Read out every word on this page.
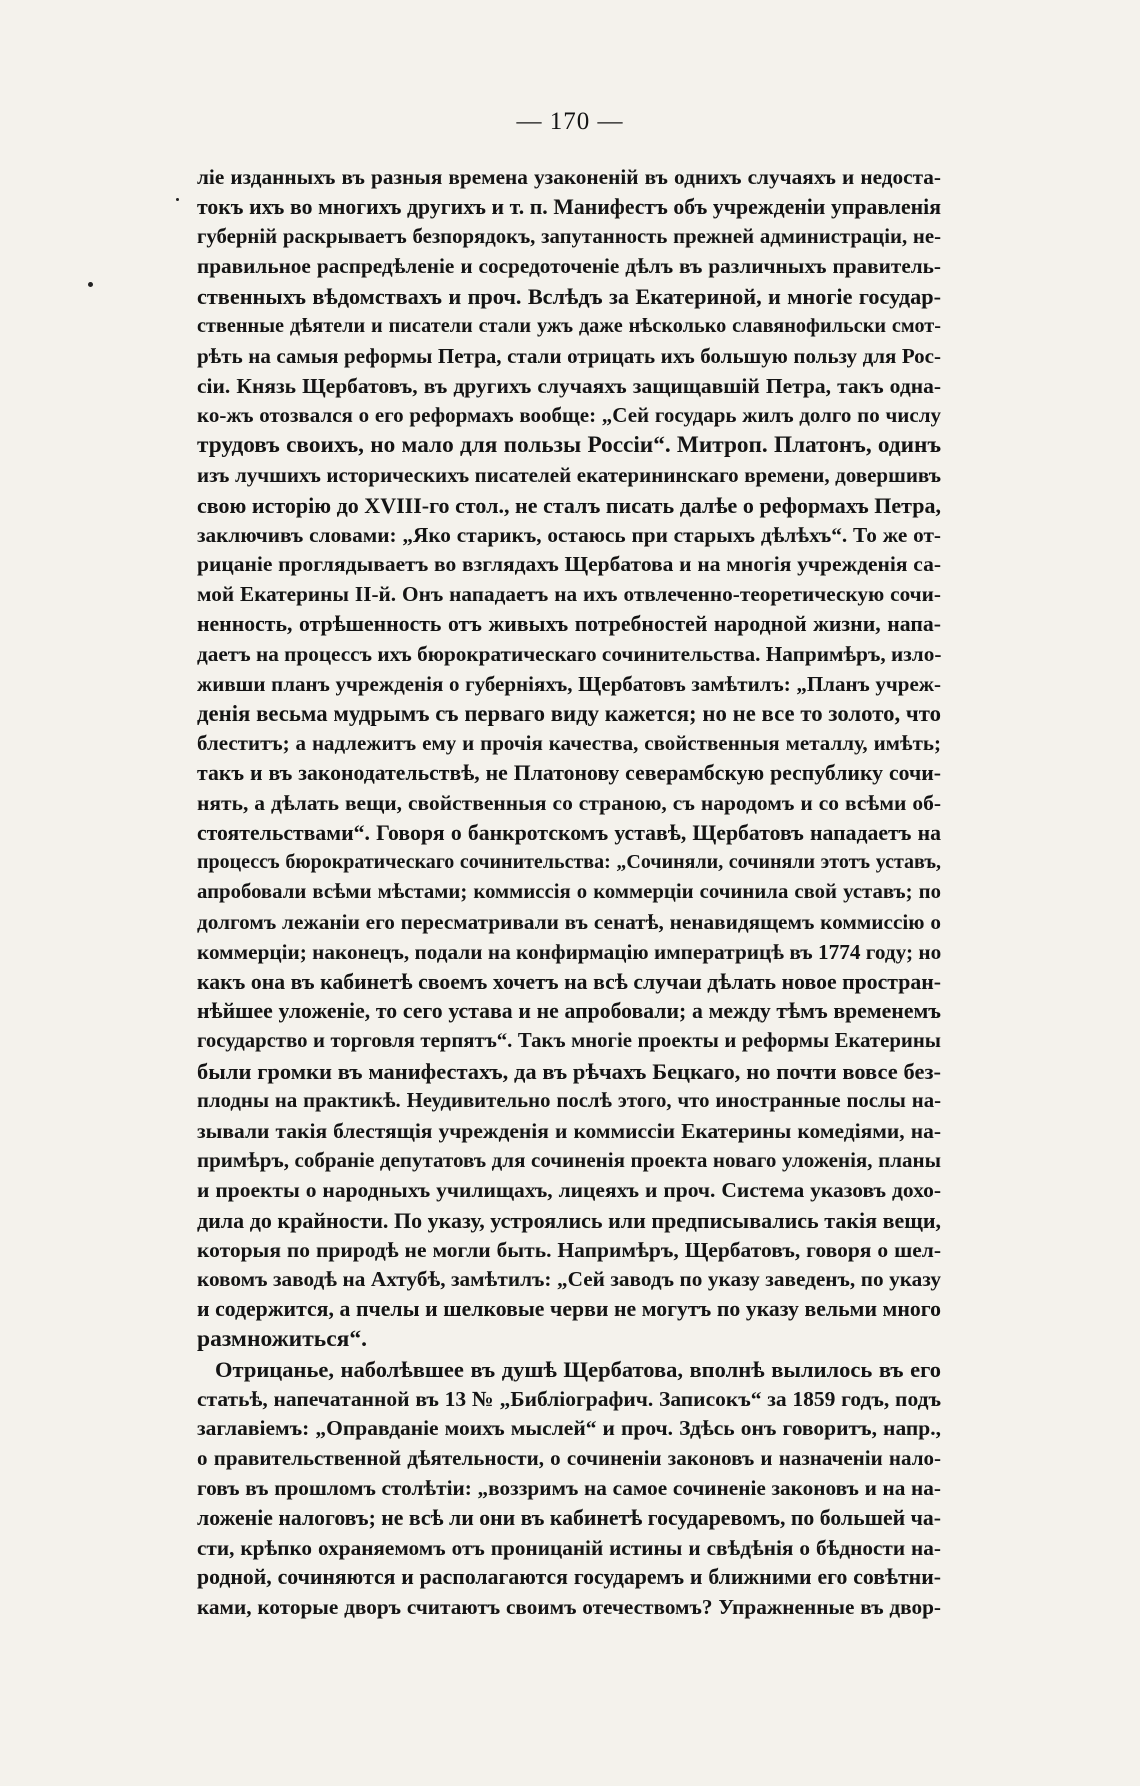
— 170 —
ліе изданныхъ въ разныя времена узаконеній въ однихъ случаяхъ и недоста-
токъ ихъ во многихъ другихъ и т. п. Манифестъ объ учрежденіи управленія
губерній раскрываетъ безпорядокъ, запутанность прежней администраціи, не-
правильное распредѣленіе и сосредоточеніе дѣлъ въ различныхъ правитель-
ственныхъ вѣдомствахъ и проч. Вслѣдъ за Екатериной, и многіе государ-
ственные дѣятели и писатели стали ужъ даже нѣсколько славянофильски смот-
рѣть на самыя реформы Петра, стали отрицать ихъ большую пользу для Рос-
сіи. Князь Щербатовъ, въ другихъ случаяхъ защищавшій Петра, такъ одна-
ко-жъ отозвался о его реформахъ вообще: „Сей государь жилъ долго по числу
трудовъ своихъ, но мало для пользы Россіи“. Митроп. Платонъ, одинъ
изъ лучшихъ историческихъ писателей екатерининскаго времени, довершивъ
свою исторію до XVIII-го стол., не сталъ писать далѣе о реформахъ Петра,
заключивъ словами: „Яко старикъ, остаюсь при старыхъ дѣлѣхъ“. То же от-
рицаніе проглядываетъ во взглядахъ Щербатова и на многія учрежденія са-
мой Екатерины II-й. Онъ нападаетъ на ихъ отвлеченно-теоретическую сочи-
ненность, отрѣшенность отъ живыхъ потребностей народной жизни, напа-
даетъ на процессъ ихъ бюрократическаго сочинительства. Напримѣръ, изло-
живши планъ учрежденія о губерніяхъ, Щербатовъ замѣтилъ: „Планъ учреж-
денія весьма мудрымъ съ перваго виду кажется; но не все то золото, что
блеститъ; а надлежитъ ему и прочія качества, свойственныя металлу, имѣть;
такъ и въ законодательствѣ, не Платонову северамбскую республику сочи-
нять, а дѣлать вещи, свойственныя со страною, съ народомъ и со всѣми об-
стоятельствами“. Говоря о банкротскомъ уставѣ, Щербатовъ нападаетъ на
процессъ бюрократическаго сочинительства: „Сочиняли, сочиняли этотъ уставъ,
апробовали всѣми мѣстами; коммиссія о коммерціи сочинила свой уставъ; по
долгомъ лежаніи его пересматривали въ сенатѣ, ненавидящемъ коммиссію о
коммерціи; наконецъ, подали на конфирмацію императрицѣ въ 1774 году; но
какъ она въ кабинетѣ своемъ хочетъ на всѣ случаи дѣлать новое простран-
нѣйшее уложеніе, то сего устава и не апробовали; а между тѣмъ временемъ
государство и торговля терпятъ“. Такъ многіе проекты и реформы Екатерины
были громки въ манифестахъ, да въ рѣчахъ Бецкаго, но почти вовсе без-
плодны на практикѣ. Неудивительно послѣ этого, что иностранные послы на-
зывали такія блестящія учрежденія и коммиссіи Екатерины комедіями, на-
примѣръ, собраніе депутатовъ для сочиненія проекта новаго уложенія, планы
и проекты о народныхъ училищахъ, лицеяхъ и проч. Система указовъ дохо-
дила до крайности. По указу, устроялись или предписывались такія вещи,
которыя по природѣ не могли быть. Напримѣръ, Щербатовъ, говоря о шел-
ковомъ заводѣ на Ахтубѣ, замѣтилъ: „Сей заводъ по указу заведенъ, по указу
и содержится, а пчелы и шелковые черви не могутъ по указу вельми много
размножиться“.
Отрицанье, наболѣвшее въ душѣ Щербатова, вполнѣ вылилось въ его
статьѣ, напечатанной въ 13 № „Библіографич. Записокъ“ за 1859 годъ, подъ
заглавіемъ: „Оправданіе моихъ мыслей“ и проч. Здѣсь онъ говоритъ, напр.,
о правительственной дѣятельности, о сочиненіи законовъ и назначеніи нало-
говъ въ прошломъ столѣтіи: „воззримъ на самое сочиненіе законовъ и на на-
ложеніе налоговъ; не всѣ ли они въ кабинетѣ государевомъ, по большей ча-
сти, крѣпко охраняемомъ отъ проницаній истины и свѣдѣнія о бѣдности на-
родной, сочиняются и располагаются государемъ и ближними его совѣтни-
ками, которые дворъ считаютъ своимъ отечествомъ? Упражненные въ двор-
